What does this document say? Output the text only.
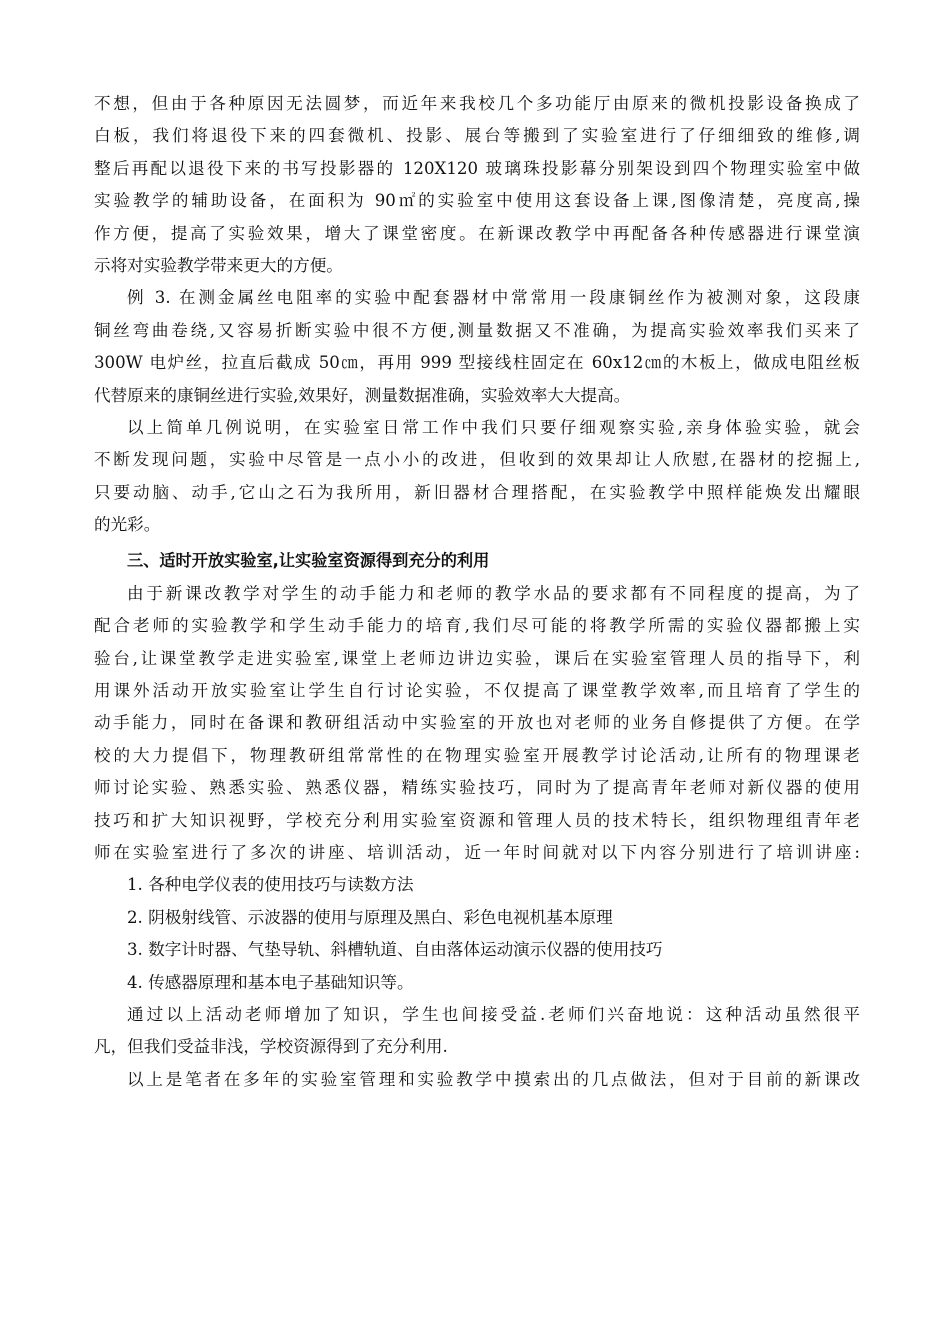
不想，但由于各种原因无法圆梦，而近年来我校几个多功能厅由原来的微机投影设备换成了
白板，我们将退役下来的四套微机、投影、展台等搬到了实验室进行了仔细细致的维修,调
整后再配以退役下来的书写投影器的 120X120 玻璃珠投影幕分别架设到四个物理实验室中做
实验教学的辅助设备，在面积为 90㎡的实验室中使用这套设备上课,图像清楚，亮度高,操
作方便，提高了实验效果，增大了课堂密度。在新课改教学中再配备各种传感器进行课堂演
示将对实验教学带来更大的方便。
例 3. 在测金属丝电阻率的实验中配套器材中常常用一段康铜丝作为被测对象，这段康
铜丝弯曲卷绕,又容易折断实验中很不方便,测量数据又不准确，为提高实验效率我们买来了
300W 电炉丝，拉直后截成 50㎝，再用 999 型接线柱固定在 60x12㎝的木板上，做成电阻丝板
代替原来的康铜丝进行实验,效果好，测量数据准确，实验效率大大提高。
以上简单几例说明，在实验室日常工作中我们只要仔细观察实验,亲身体验实验，就会
不断发现问题，实验中尽管是一点小小的改进，但收到的效果却让人欣慰,在器材的挖掘上,
只要动脑、动手,它山之石为我所用，新旧器材合理搭配，在实验教学中照样能焕发出耀眼
的光彩。
三、适时开放实验室,让实验室资源得到充分的利用
由于新课改教学对学生的动手能力和老师的教学水品的要求都有不同程度的提高，为了
配合老师的实验教学和学生动手能力的培育,我们尽可能的将教学所需的实验仪器都搬上实
验台,让课堂教学走进实验室,课堂上老师边讲边实验，课后在实验室管理人员的指导下，利
用课外活动开放实验室让学生自行讨论实验，不仅提高了课堂教学效率,而且培育了学生的
动手能力，同时在备课和教研组活动中实验室的开放也对老师的业务自修提供了方便。在学
校的大力提倡下，物理教研组常常性的在物理实验室开展教学讨论活动,让所有的物理课老
师讨论实验、熟悉实验、熟悉仪器，精练实验技巧，同时为了提高青年老师对新仪器的使用
技巧和扩大知识视野，学校充分利用实验室资源和管理人员的技术特长，组织物理组青年老
师在实验室进行了多次的讲座、培训活动，近一年时间就对以下内容分别进行了培训讲座:
1. 各种电学仪表的使用技巧与读数方法
2. 阴极射线管、示波器的使用与原理及黑白、彩色电视机基本原理
3. 数字计时器、气垫导轨、斜槽轨道、自由落体运动演示仪器的使用技巧
4. 传感器原理和基本电子基础知识等。
通过以上活动老师增加了知识，学生也间接受益.老师们兴奋地说：这种活动虽然很平
凡，但我们受益非浅，学校资源得到了充分利用.
以上是笔者在多年的实验室管理和实验教学中摸索出的几点做法，但对于目前的新课改
